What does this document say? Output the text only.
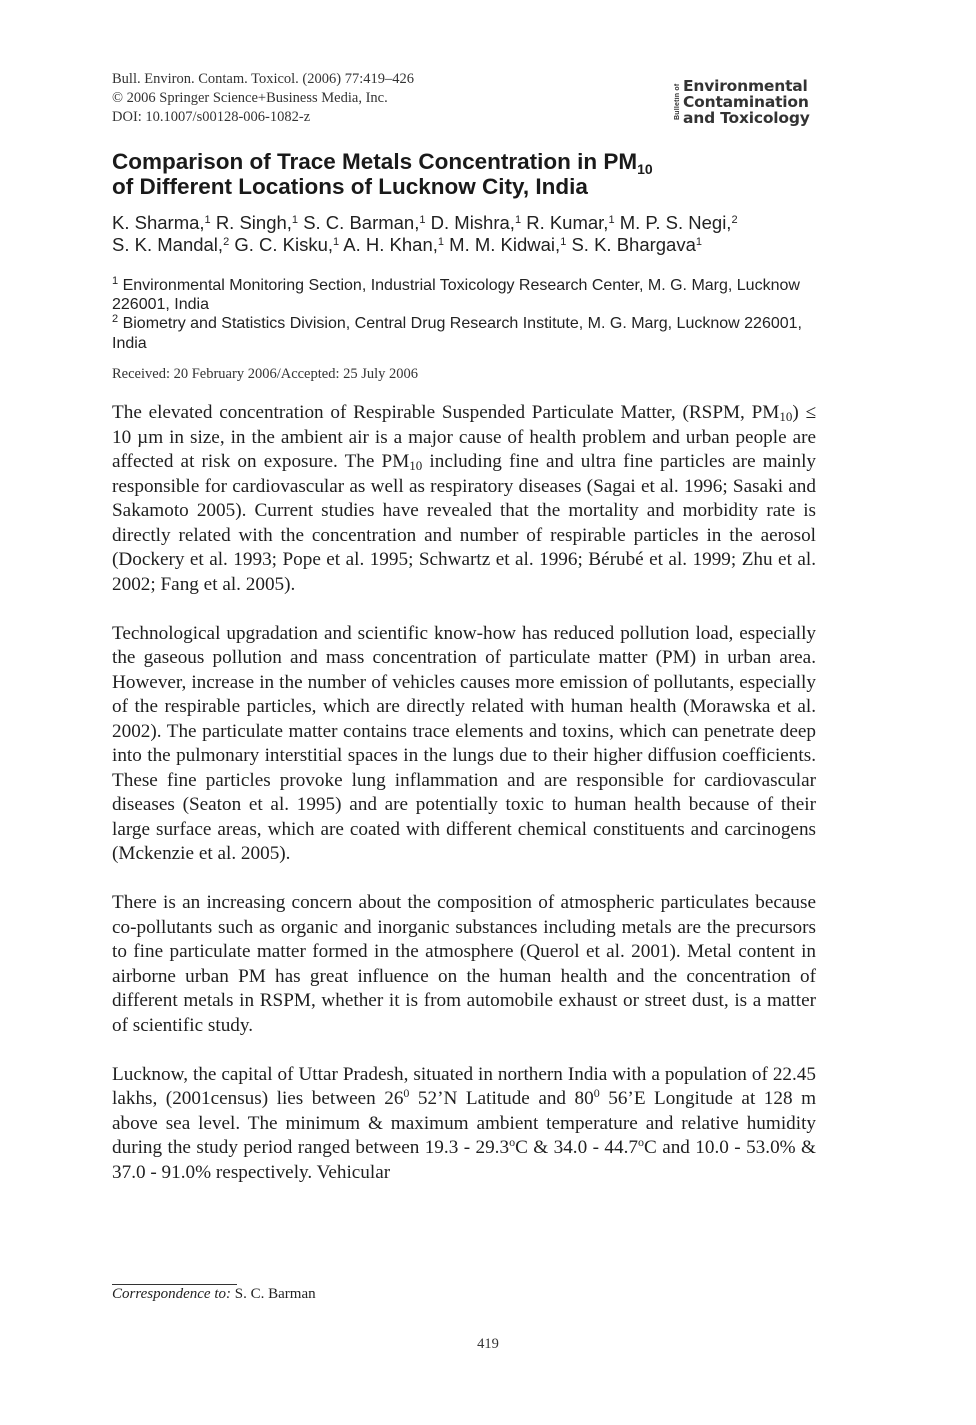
Bull. Environ. Contam. Toxicol. (2006) 77:419–426
© 2006 Springer Science+Business Media, Inc.
DOI: 10.1007/s00128-006-1082-z	Bulletin of Environmental
Contamination
and Toxicology
Comparison of Trace Metals Concentration in $PM_{10}$
of Different Locations of Lucknow City, India
K. Sharma,$^1$ R. Singh,$^1$ S. C. Barman,$^1$ D. Mishra,$^1$ R. Kumar,$^1$ M. P. S. Negi,$^2$
S. K. Mandal,$^2$ G. C. Kisku,$^1$ A. H. Khan,$^1$ M. M. Kidwai,$^1$ S. K. Bhargava$^1$
$^1$ Environmental Monitoring Section, Industrial Toxicology Research Center, M. G. Marg, Lucknow 226001, India
$^2$ Biometry and Statistics Division, Central Drug Research Institute, M. G. Marg, Lucknow 226001, India
Received: 20 February 2006/Accepted: 25 July 2006

The elevated concentration of Respirable Suspended Particulate Matter, (RSPM, $PM_{10}) \le 10$ µm in size, in the ambient air is a major cause of health problem and urban people are affected at risk on exposure. The $PM_{10}$ including fine and ultra fine particles are mainly responsible for cardiovascular as well as respiratory diseases (Sagai et al. 1996; Sasaki and Sakamoto 2005). Current studies have revealed that the mortality and morbidity rate is directly related with the concentration and number of respirable particles in the aerosol (Dockery et al. 1993; Pope et al. 1995; Schwartz et al. 1996; Bérubé et al. 1999; Zhu et al. 2002; Fang et al. 2005).

Technological upgradation and scientific know-how has reduced pollution load, especially the gaseous pollution and mass concentration of particulate matter (PM) in urban area. However, increase in the number of vehicles causes more emission of pollutants, especially of the respirable particles, which are directly related with human health (Morawska et al. 2002). The particulate matter contains trace elements and toxins, which can penetrate deep into the pulmonary interstitial spaces in the lungs due to their higher diffusion coefficients. These fine particles provoke lung inflammation and are responsible for cardiovascular diseases (Seaton et al. 1995) and are potentially toxic to human health because of their large surface areas, which are coated with different chemical constituents and carcinogens (Mckenzie et al. 2005).

There is an increasing concern about the composition of atmospheric particulates because co-pollutants such as organic and inorganic substances including metals are the precursors to fine particulate matter formed in the atmosphere (Querol et al. 2001). Metal content in airborne urban PM has great influence on the human health and the concentration of different metals in RSPM, whether it is from automobile exhaust or street dust, is a matter of scientific study.

Lucknow, the capital of Uttar Pradesh, situated in northern India with a population of 22.45 lakhs, (2001census) lies between $26^0$ 52’N Latitude and $80^0$ 56’E Longitude at 128 m above sea level. The minimum & maximum ambient temperature and relative humidity during the study period ranged between 19.3 - 29.3$^o$C & 34.0 - 44.7$^o$C and 10.0 - 53.0% & 37.0 - 91.0% respectively. Vehicular

Correspondence to: S. C. Barman
419
